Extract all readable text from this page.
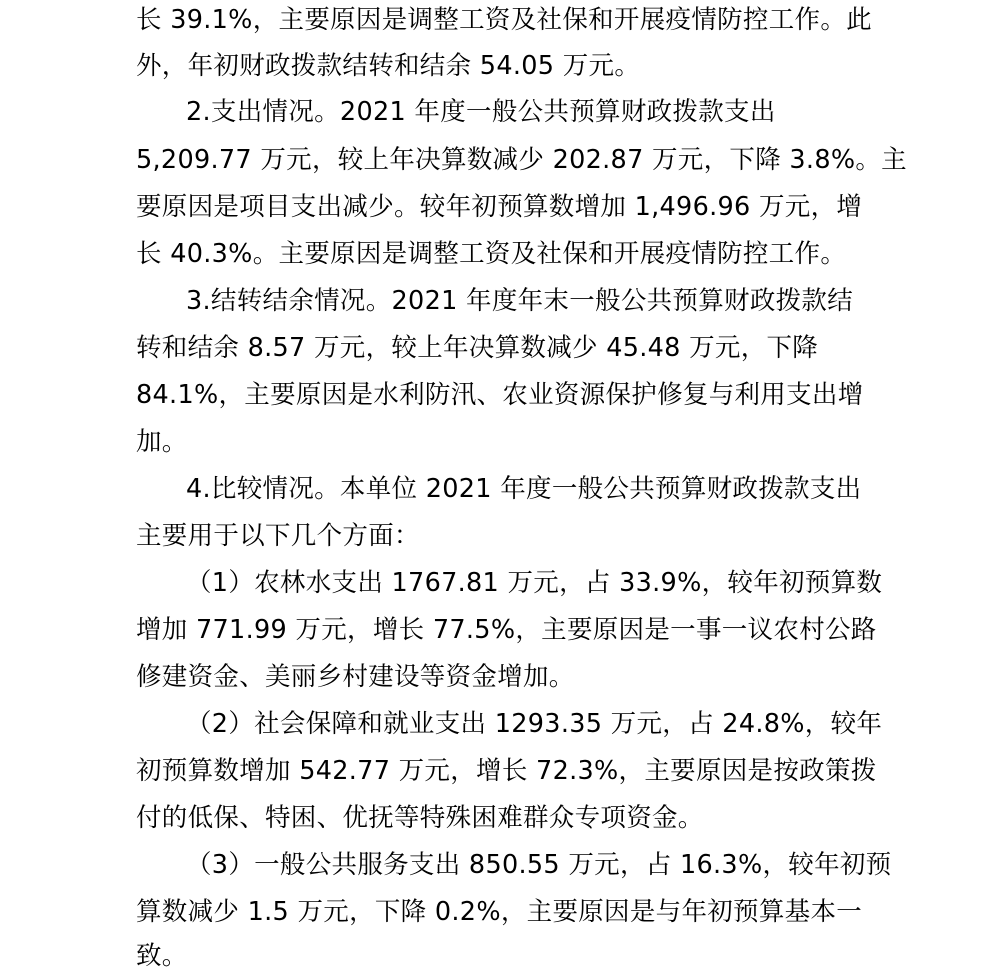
长 39.1%，主要原因是调整工资及社保和开展疫情防控工作。此
外，年初财政拨款结转和结余 54.05 万元。
2.支出情况。2021 年度一般公共预算财政拨款支出
5,209.77 万元，较上年决算数减少 202.87 万元，下降 3.8%。主
要原因是项目支出减少。较年初预算数增加 1,496.96 万元，增
长 40.3%。主要原因是调整工资及社保和开展疫情防控工作。
3.结转结余情况。2021 年度年末一般公共预算财政拨款结
转和结余 8.57 万元，较上年决算数减少 45.48 万元，下降
84.1%，主要原因是水利防汛、农业资源保护修复与利用支出增
加。
4.比较情况。本单位 2021 年度一般公共预算财政拨款支出
主要用于以下几个方面：
（1）农林水支出 1767.81 万元，占 33.9%，较年初预算数
增加 771.99 万元，增长 77.5%，主要原因是一事一议农村公路
修建资金、美丽乡村建设等资金增加。
（2）社会保障和就业支出 1293.35 万元，占 24.8%，较年
初预算数增加 542.77 万元，增长 72.3%，主要原因是按政策拨
付的低保、特困、优抚等特殊困难群众专项资金。
（3）一般公共服务支出 850.55 万元，占 16.3%，较年初预
算数减少 1.5 万元，下降 0.2%，主要原因是与年初预算基本一
致。
